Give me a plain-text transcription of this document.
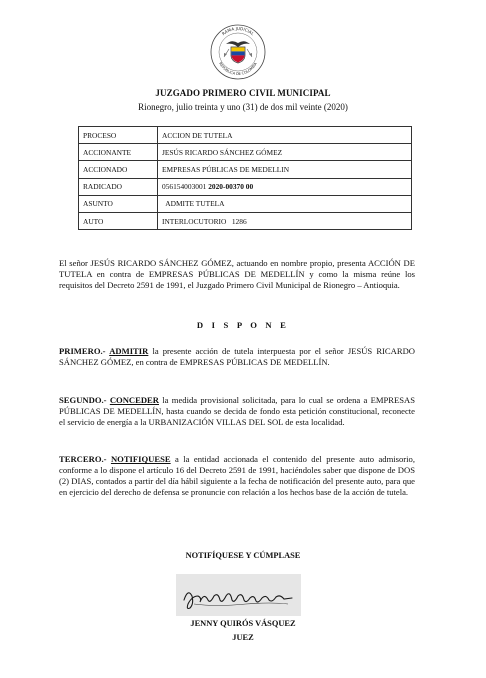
RAMA JUDICIAL
REPÚBLICA DE COLOMBIA
JUZGADO PRIMERO CIVIL MUNICIPAL
Rionegro, julio treinta y uno (31) de dos mil veinte (2020)
PROCESO	ACCION DE TUTELA
ACCIONANTE	JESÚS RICARDO SÁNCHEZ GÓMEZ
ACCIONADO	EMPRESAS PÚBLICAS DE MEDELLIN
RADICADO	056154003001 2020-00370 00
ASUNTO	ADMITE TUTELA
AUTO	INTERLOCUTORIO   1286
El señor JESÚS RICARDO SÁNCHEZ GÓMEZ, actuando en nombre propio, presenta ACCIÓN DE TUTELA en contra de EMPRESAS PÚBLICAS DE MEDELLÍN y como la misma reúne los requisitos del Decreto 2591 de 1991, el Juzgado Primero Civil Municipal de Rionegro – Antioquia.
D I S P O N E
PRIMERO.- ADMITIR la presente acción de tutela interpuesta por el señor JESÚS RICARDO SÁNCHEZ GÓMEZ, en contra de EMPRESAS PÚBLICAS DE MEDELLÍN.
SEGUNDO.- CONCEDER la medida provisional solicitada, para lo cual se ordena a EMPRESAS PÚBLICAS DE MEDELLÍN, hasta cuando se decida de fondo esta petición constitucional, reconecte el servicio de energía a la URBANIZACIÓN VILLAS DEL SOL de esta localidad.
TERCERO.- NOTIFIQUESE a la entidad accionada el contenido del presente auto admisorio, conforme a lo dispone el artículo 16 del Decreto 2591 de 1991, haciéndoles saber que dispone de DOS (2) DIAS, contados a partir del día hábil siguiente a la fecha de notificación del presente auto, para que en ejercicio del derecho de defensa se pronuncie con relación a los hechos base de la acción de tutela.
NOTIFÍQUESE Y CÚMPLASE
JENNY QUIRÓS VÁSQUEZ
JUEZ
